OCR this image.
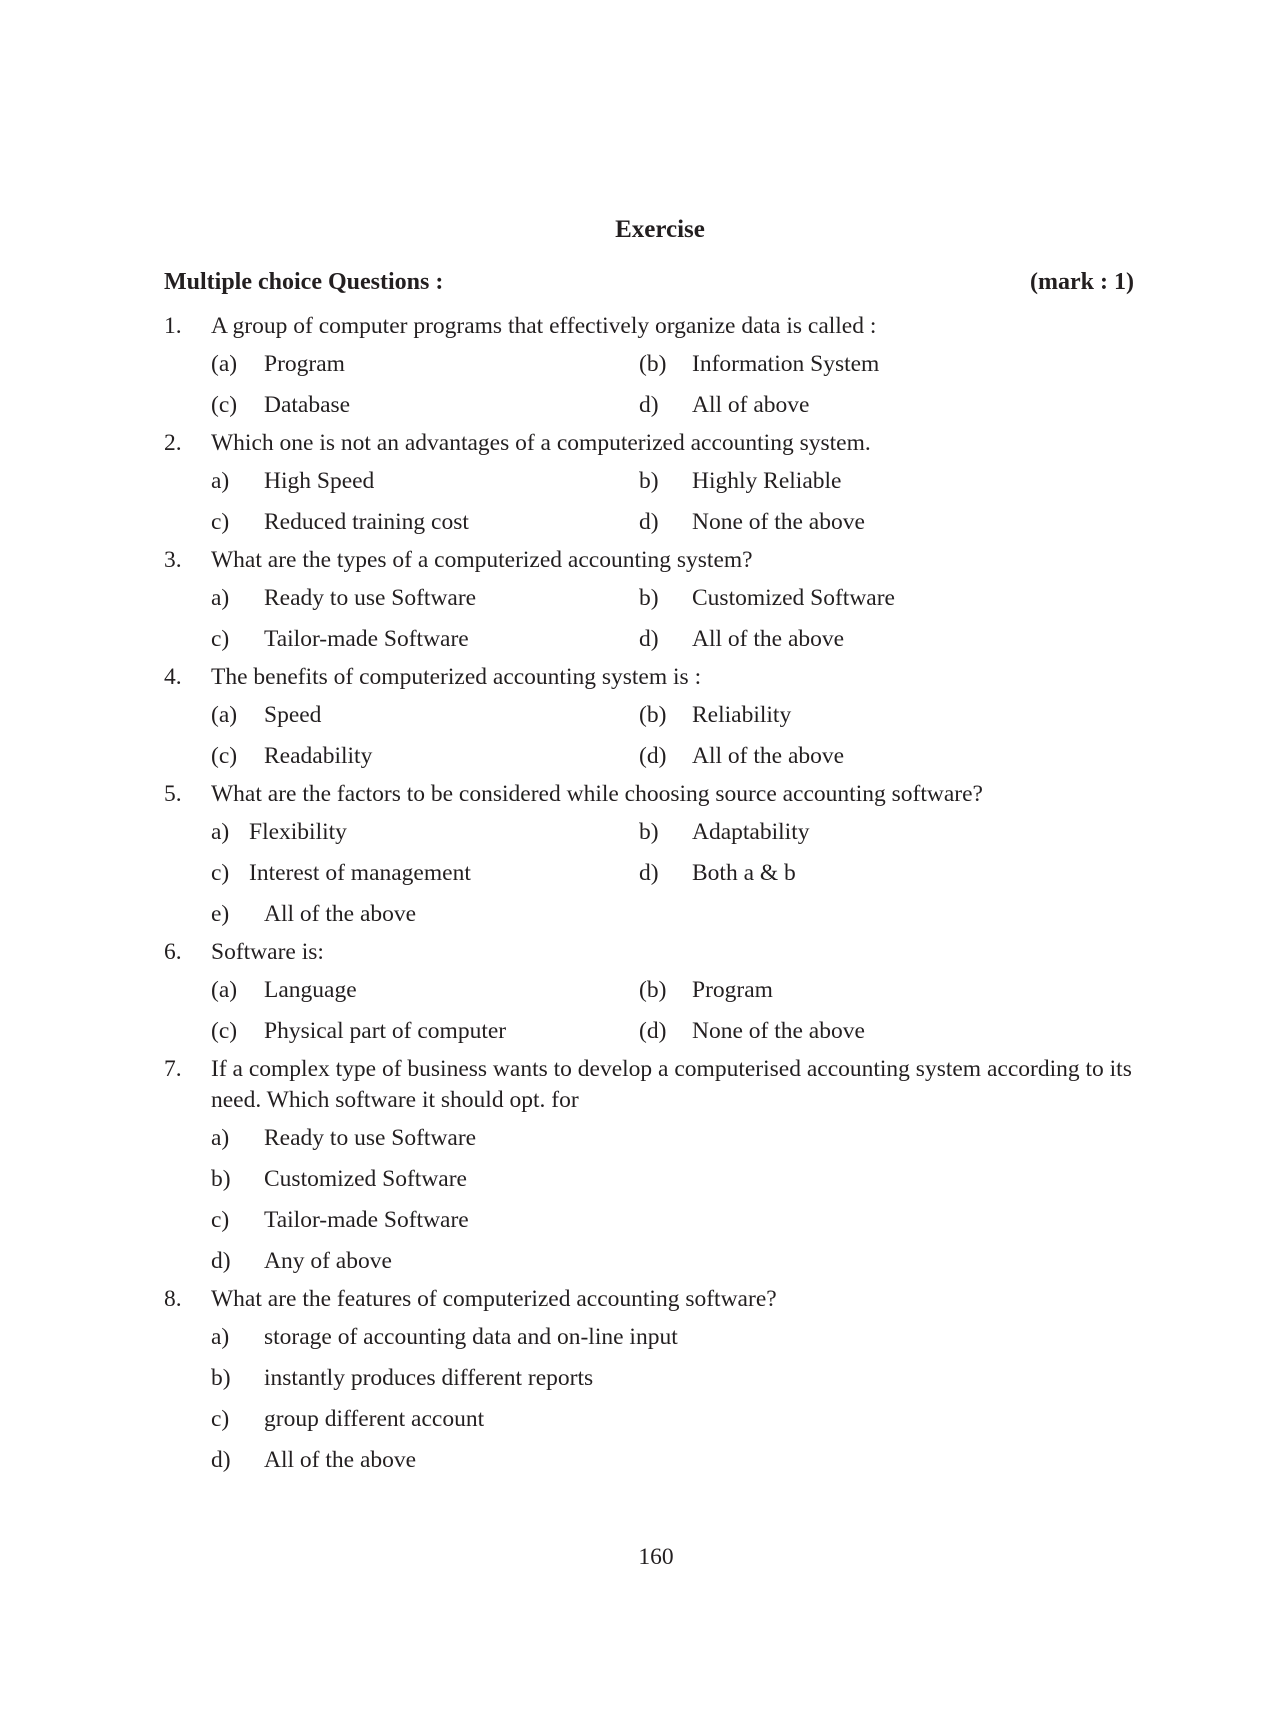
Exercise
Multiple choice Questions :	(mark : 1)
1. A group of computer programs that effectively organize data is called :
(a) Program	(b) Information System
(c) Database	d) All of above
2. Which one is not an advantages of a computerized accounting system.
a) High Speed	b) Highly Reliable
c) Reduced training cost	d) None of the above
3. What are the types of a computerized accounting system?
a) Ready to use Software	b) Customized Software
c) Tailor-made Software	d) All of the above
4. The benefits of computerized accounting system is :
(a) Speed	(b) Reliability
(c) Readability	(d) All of the above
5. What are the factors to be considered while choosing source accounting software?
a) Flexibility	b) Adaptability
c) Interest of management	d) Both a & b
e) All of the above
6. Software is:
(a) Language	(b) Program
(c) Physical part of computer	(d) None of the above
7. If a complex type of business wants to develop a computerised accounting system according to its need. Which software it should opt. for
a) Ready to use Software
b) Customized Software
c) Tailor-made Software
d) Any of above
8. What are the features of computerized accounting software?
a) storage of accounting data and on-line input
b) instantly produces different reports
c) group different account
d) All of the above
160
